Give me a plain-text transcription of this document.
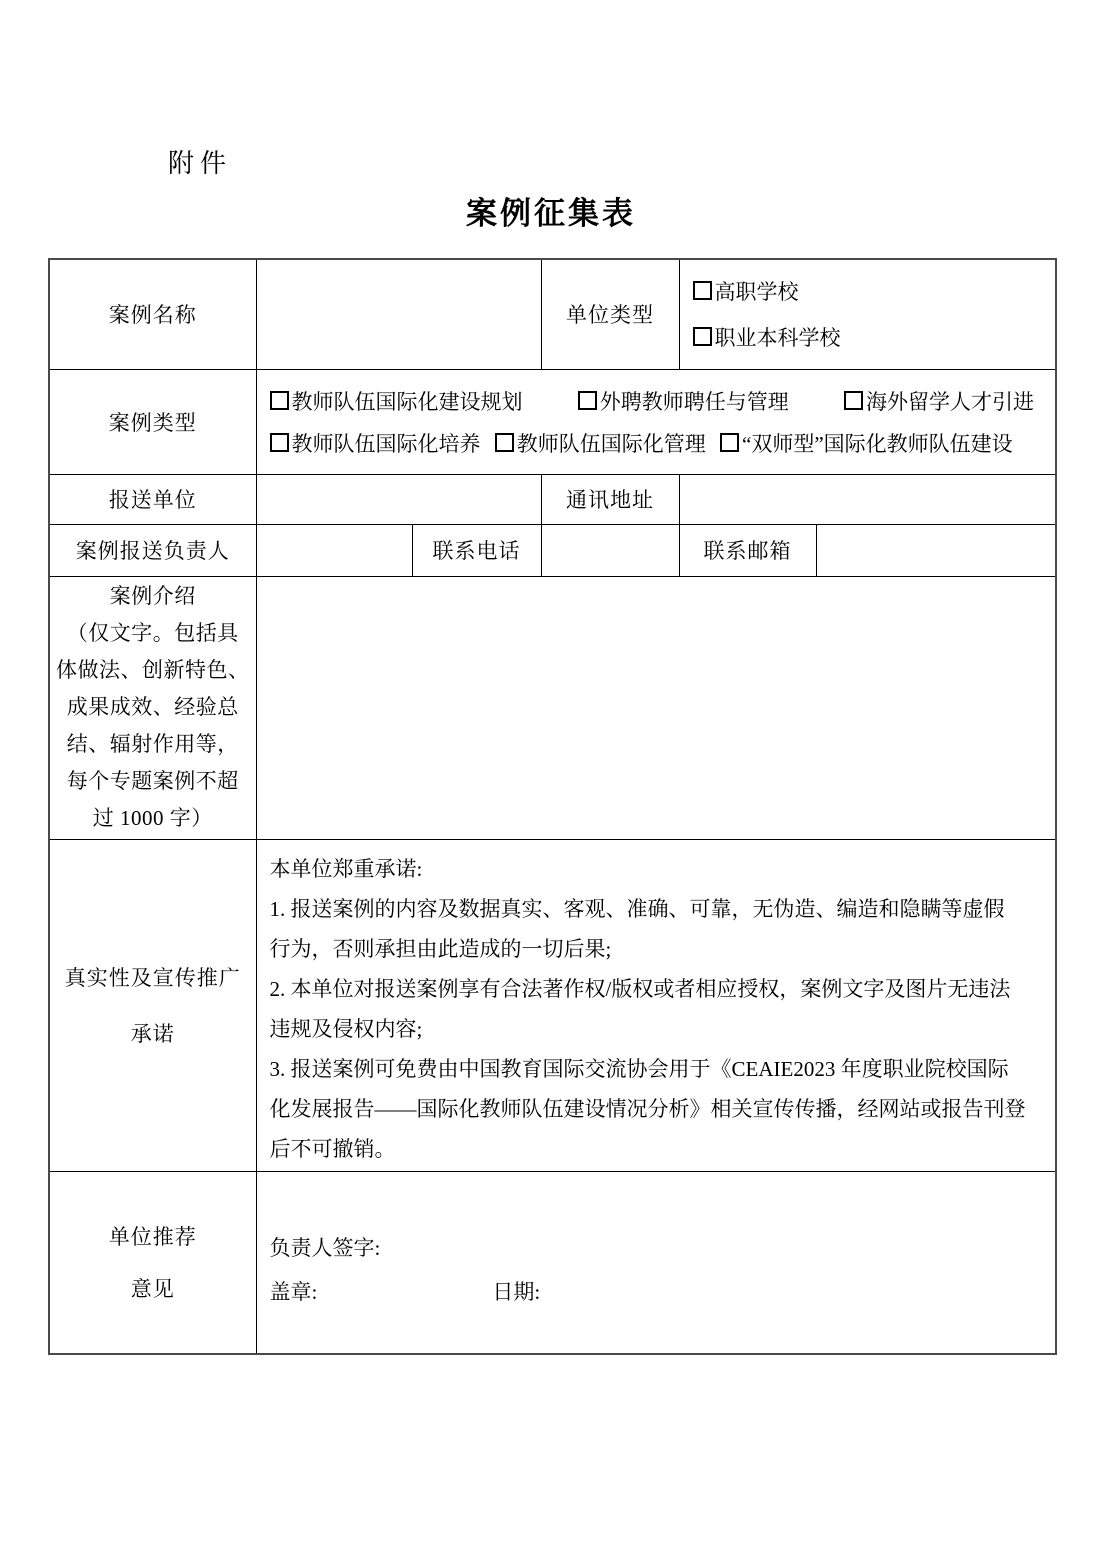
附件
案例征集表
案例名称			单位类型	高职学校
职业本科学校	

案例类型	教师队伍国际化建设规划 外聘教师聘任与管理 海外留学人才引进
教师队伍国际化培养 教师队伍国际化管理 “双师型”国际化教师队伍建设				

报送单位			通讯地址		
案例报送负责人		联系电话		联系邮箱	

案例介绍
（仅文字。包括具
体做法、创新特色、
成果成效、经验总
结、辐射作用等，
每个专题案例不超
过 1000 字）

真实性及宣传推广
承诺

本单位郑重承诺:
1. 报送案例的内容及数据真实、客观、准确、可靠，无伪造、编造和隐瞒等虚假
行为，否则承担由此造成的一切后果;
2. 本单位对报送案例享有合法著作权/版权或者相应授权，案例文字及图片无违法
违规及侵权内容;
3. 报送案例可免费由中国教育国际交流协会用于《CEAIE2023 年度职业院校国际
化发展报告——国际化教师队伍建设情况分析》相关宣传传播，经网站或报告刊登
后不可撤销。

单位推荐
意见

负责人签字:
盖章:	日期:
